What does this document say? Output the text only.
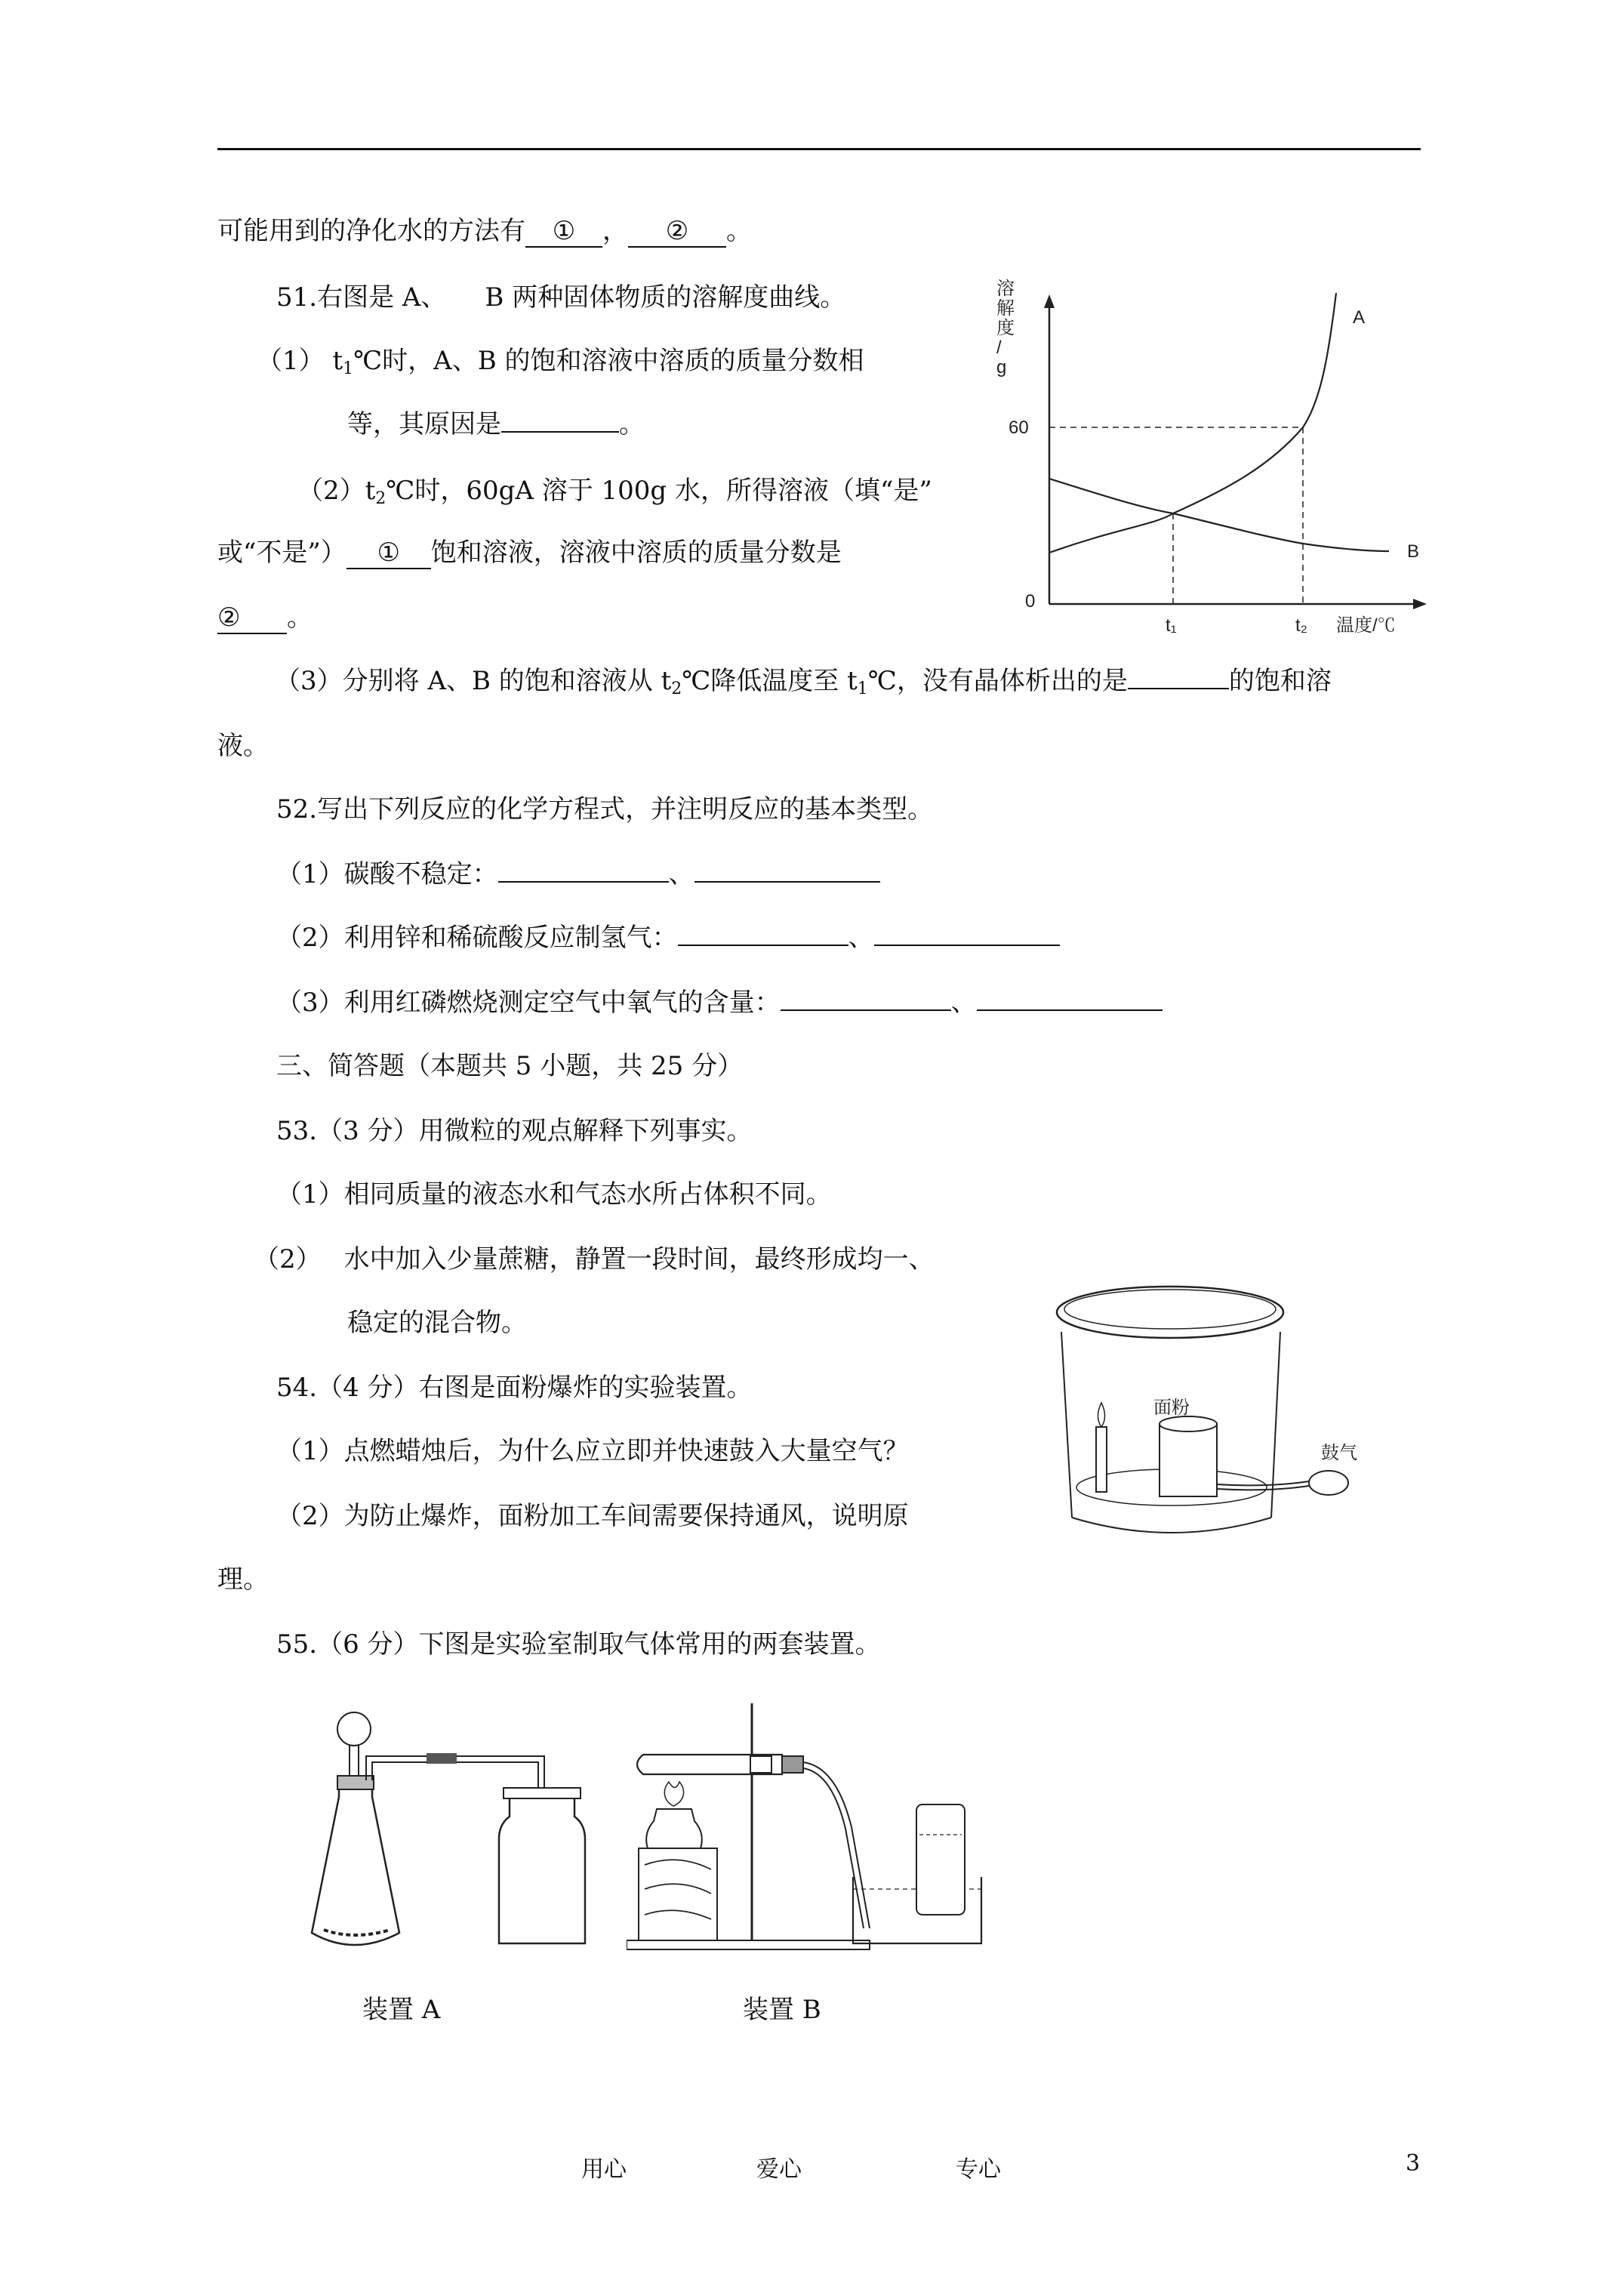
可能用到的净化水的方法有 ① ， ② 。
51.右图是 A、　　B 两种固体物质的溶解度曲线。
（1） $t_1℃$时，A、B 的饱和溶液中溶质的质量分数相
等，其原因是	。
$(2)t_2℃$时，60gA 溶于 100g 水，所得溶液（填“是”
或“不是”） ① 饱和溶液，溶液中溶质的质量分数是
② 。
（3）分别将 A、B 的饱和溶液从 $t_2℃$降低温度至 $t_1℃$，没有晶体析出的是	的饱和溶
液。
52.写出下列反应的化学方程式，并注明反应的基本类型。
（1）碳酸不稳定：	、
（2）利用锌和稀硫酸反应制氢气：	、
（3）利用红磷燃烧测定空气中氧气的含量：	、
三、简答题（本题共 5 小题，共 25 分）
53.（3 分）用微粒的观点解释下列事实。
（1）相同质量的液态水和气态水所占体积不同。
（2） 水中加入少量蔗糖，静置一段时间，最终形成均一、
稳定的混合物。
54.（4 分）右图是面粉爆炸的实验装置。
（1）点燃蜡烛后，为什么应立即并快速鼓入大量空气？
（2）为防止爆炸，面粉加工车间需要保持通风，说明原
理。
55.（6 分）下图是实验室制取气体常用的两套装置。
溶解度/ g
0
60
t₁	t₂ 温度/℃
A
B
面粉
鼓气
装置 A	装置 B
用心	爱心	专心	3
